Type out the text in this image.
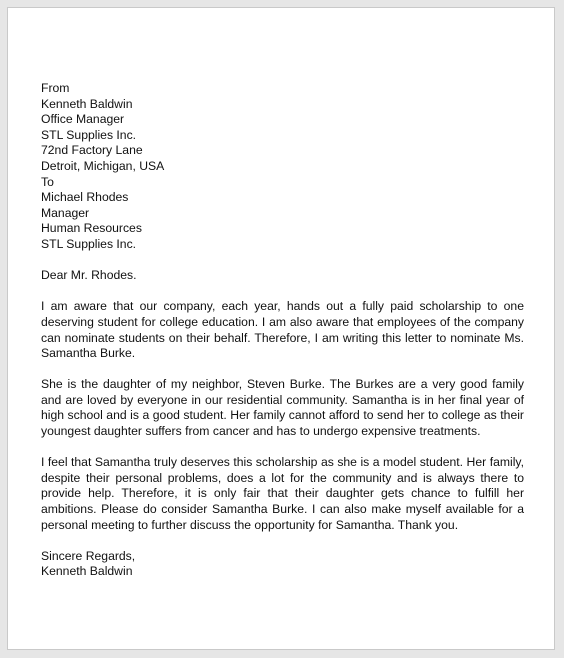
From
Kenneth Baldwin
Office Manager
STL Supplies Inc.
72nd Factory Lane
Detroit, Michigan, USA
To
Michael Rhodes
Manager
Human Resources
STL Supplies Inc.
Dear Mr. Rhodes.
I am aware that our company, each year, hands out a fully paid scholarship to one deserving student for college education. I am also aware that employees of the company can nominate students on their behalf. Therefore, I am writing this letter to nominate Ms. Samantha Burke.
She is the daughter of my neighbor, Steven Burke. The Burkes are a very good family and are loved by everyone in our residential community. Samantha is in her final year of high school and is a good student. Her family cannot afford to send her to college as their youngest daughter suffers from cancer and has to undergo expensive treatments.
I feel that Samantha truly deserves this scholarship as she is a model student. Her family, despite their personal problems, does a lot for the community and is always there to provide help. Therefore, it is only fair that their daughter gets chance to fulfill her ambitions. Please do consider Samantha Burke. I can also make myself available for a personal meeting to further discuss the opportunity for Samantha. Thank you.
Sincere Regards,
Kenneth Baldwin
